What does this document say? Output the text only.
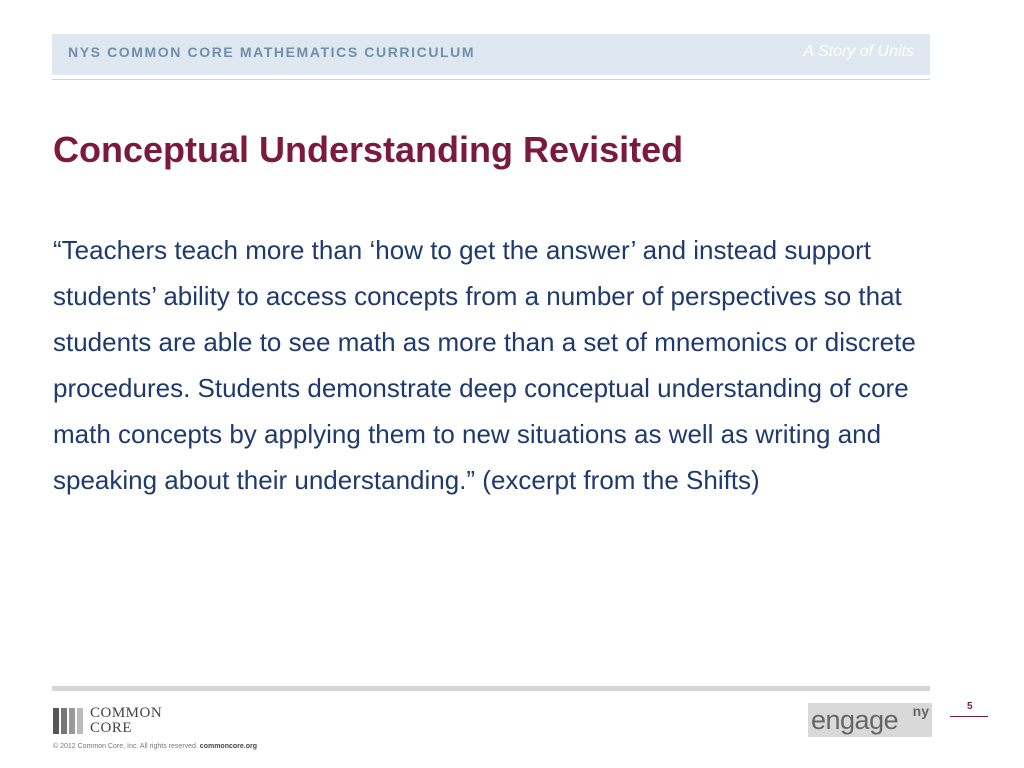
NYS COMMON CORE MATHEMATICS CURRICULUM	A Story of Units
Conceptual Understanding Revisited

“Teachers teach more than ‘how to get the answer’ and instead support students’ ability to access concepts from a number of perspectives so that students are able to see math as more than a set of mnemonics or discrete procedures. Students demonstrate deep conceptual understanding of core math concepts by applying them to new situations as well as writing and speaking about their understanding.” (excerpt from the Shifts)

COMMON
CORE
© 2012 Common Core, Inc. All rights reserved. commoncore.org
engage ny	5
